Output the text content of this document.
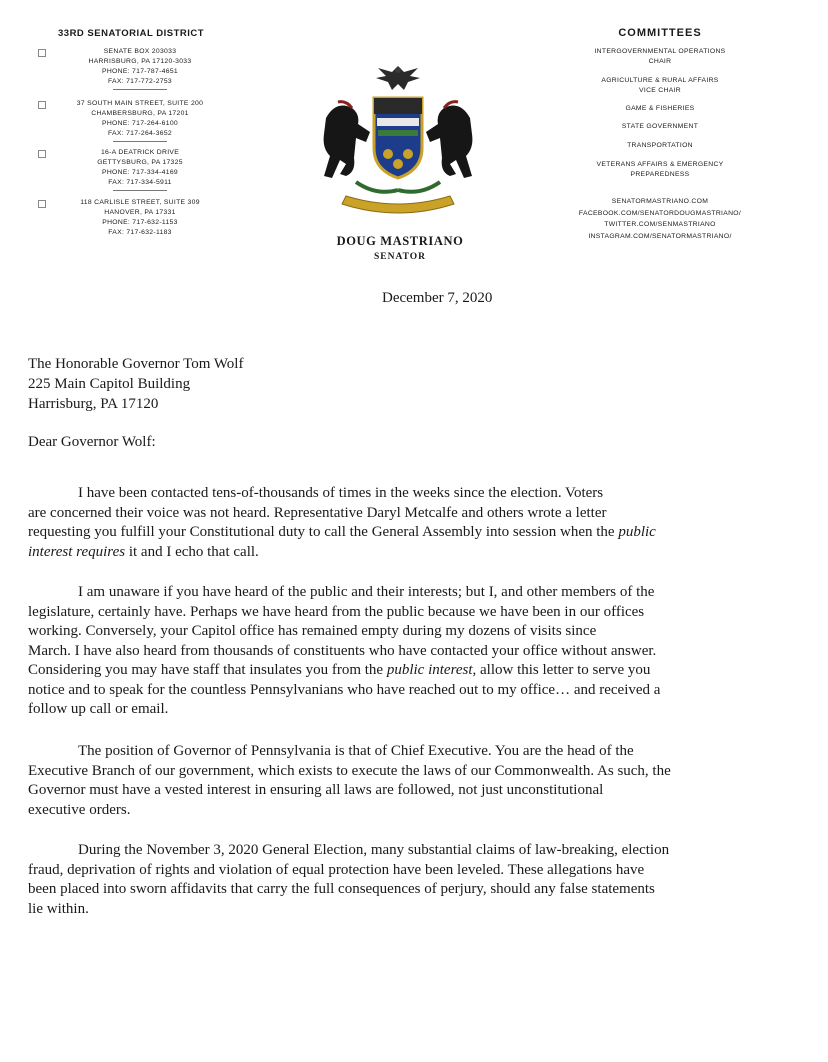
33RD SENATORIAL DISTRICT
SENATE BOX 203033
HARRISBURG, PA 17120-3033
PHONE: 717-787-4651
FAX: 717-772-2753
37 SOUTH MAIN STREET, SUITE 200
CHAMBERSBURG, PA 17201
PHONE: 717-264-6100
FAX: 717-264-3652
16-A DEATRICK DRIVE
GETTYSBURG, PA 17325
PHONE: 717-334-4169
FAX: 717-334-5911
118 CARLISLE STREET, SUITE 309
HANOVER, PA 17331
PHONE: 717-632-1153
FAX: 717-632-1183
DOUG MASTRIANO
SENATOR
COMMITTEES
INTERGOVERNMENTAL OPERATIONS
CHAIR
AGRICULTURE & RURAL AFFAIRS
VICE CHAIR
GAME & FISHERIES
STATE GOVERNMENT
TRANSPORTATION
VETERANS AFFAIRS & EMERGENCY
PREPAREDNESS
SENATORMASTRIANO.COM
FACEBOOK.COM/SENATORDOUGMASTRIANO/
TWITTER.COM/SENMASTRIANO
INSTAGRAM.COM/SENATORMASTRIANO/
December 7, 2020
The Honorable Governor Tom Wolf
225 Main Capitol Building
Harrisburg, PA 17120
Dear Governor Wolf:
I have been contacted tens-of-thousands of times in the weeks since the election. Voters
are concerned their voice was not heard. Representative Daryl Metcalfe and others wrote a letter
requesting you fulfill your Constitutional duty to call the General Assembly into session when the public
interest requires it and I echo that call.
I am unaware if you have heard of the public and their interests; but I, and other members of the
legislature, certainly have. Perhaps we have heard from the public because we have been in our offices
working. Conversely, your Capitol office has remained empty during my dozens of visits since
March. I have also heard from thousands of constituents who have contacted your office without answer.
Considering you may have staff that insulates you from the public interest, allow this letter to serve you
notice and to speak for the countless Pennsylvanians who have reached out to my office… and received a
follow up call or email.
The position of Governor of Pennsylvania is that of Chief Executive. You are the head of the
Executive Branch of our government, which exists to execute the laws of our Commonwealth. As such, the
Governor must have a vested interest in ensuring all laws are followed, not just unconstitutional
executive orders.
During the November 3, 2020 General Election, many substantial claims of law-breaking, election
fraud, deprivation of rights and violation of equal protection have been leveled. These allegations have
been placed into sworn affidavits that carry the full consequences of perjury, should any false statements
lie within.
